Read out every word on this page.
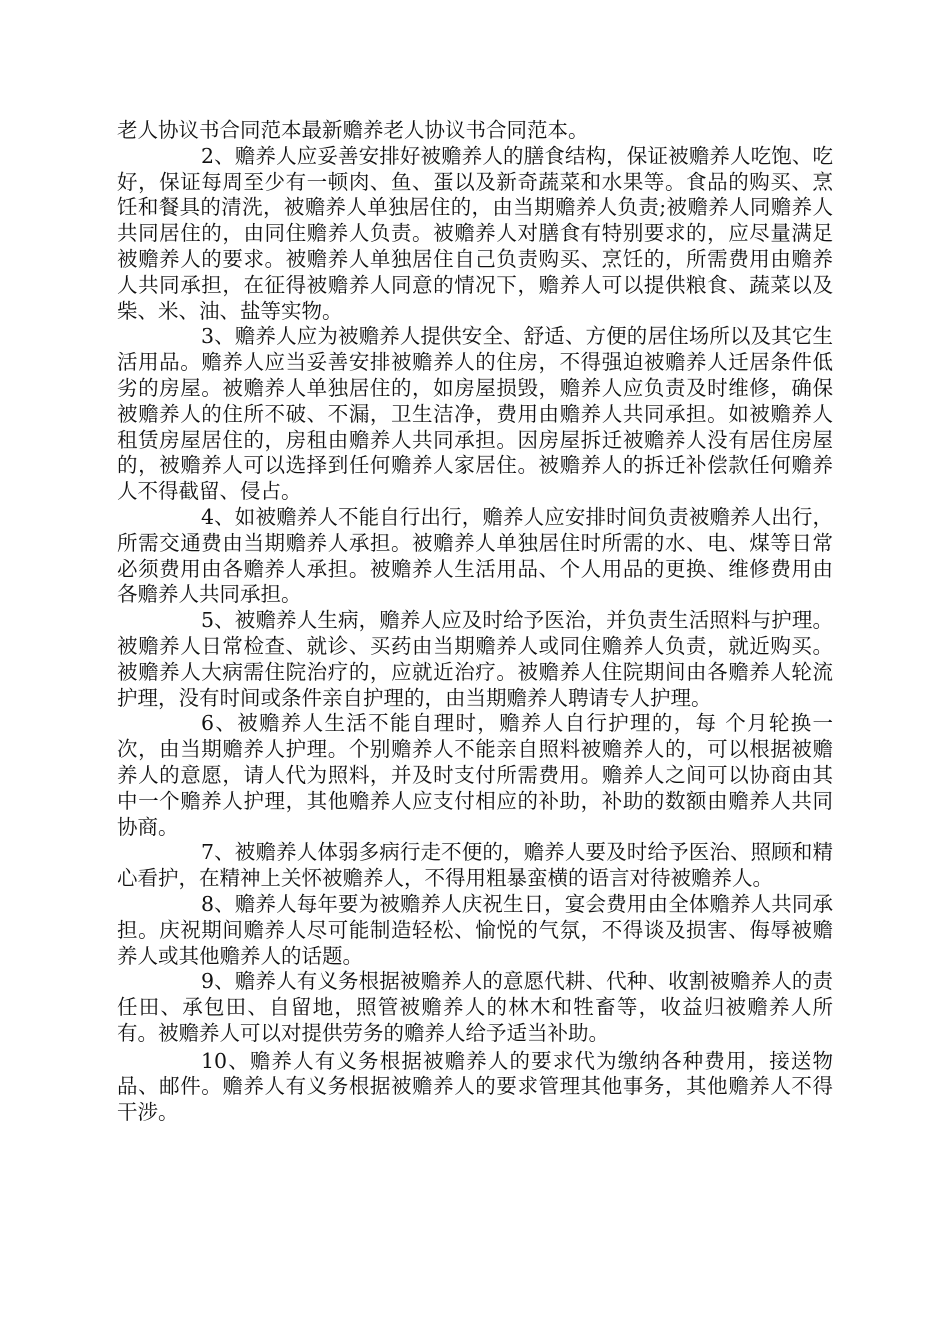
老人协议书合同范本最新赡养老人协议书合同范本。

2、赡养人应妥善安排好被赡养人的膳食结构，保证被赡养人吃饱、吃好，保证每周至少有一顿肉、鱼、蛋以及新奇蔬菜和水果等。食品的购买、烹饪和餐具的清洗，被赡养人单独居住的，由当期赡养人负责;被赡养人同赡养人共同居住的，由同住赡养人负责。被赡养人对膳食有特别要求的，应尽量满足被赡养人的要求。被赡养人单独居住自己负责购买、烹饪的，所需费用由赡养人共同承担，在征得被赡养人同意的情况下，赡养人可以提供粮食、蔬菜以及柴、米、油、盐等实物。

3、赡养人应为被赡养人提供安全、舒适、方便的居住场所以及其它生活用品。赡养人应当妥善安排被赡养人的住房，不得强迫被赡养人迁居条件低劣的房屋。被赡养人单独居住的，如房屋损毁，赡养人应负责及时维修，确保被赡养人的住所不破、不漏，卫生洁净，费用由赡养人共同承担。如被赡养人租赁房屋居住的，房租由赡养人共同承担。因房屋拆迁被赡养人没有居住房屋的，被赡养人可以选择到任何赡养人家居住。被赡养人的拆迁补偿款任何赡养人不得截留、侵占。

4、如被赡养人不能自行出行，赡养人应安排时间负责被赡养人出行，所需交通费由当期赡养人承担。被赡养人单独居住时所需的水、电、煤等日常必须费用由各赡养人承担。被赡养人生活用品、个人用品的更换、维修费用由各赡养人共同承担。

5、被赡养人生病，赡养人应及时给予医治，并负责生活照料与护理。被赡养人日常检查、就诊、买药由当期赡养人或同住赡养人负责，就近购买。被赡养人大病需住院治疗的，应就近治疗。被赡养人住院期间由各赡养人轮流护理，没有时间或条件亲自护理的，由当期赡养人聘请专人护理。

6、被赡养人生活不能自理时，赡养人自行护理的，每 个月轮换一次，由当期赡养人护理。个别赡养人不能亲自照料被赡养人的，可以根据被赡养人的意愿，请人代为照料，并及时支付所需费用。赡养人之间可以协商由其中一个赡养人护理，其他赡养人应支付相应的补助，补助的数额由赡养人共同协商。

7、被赡养人体弱多病行走不便的，赡养人要及时给予医治、照顾和精心看护，在精神上关怀被赡养人，不得用粗暴蛮横的语言对待被赡养人。

8、赡养人每年要为被赡养人庆祝生日，宴会费用由全体赡养人共同承担。庆祝期间赡养人尽可能制造轻松、愉悦的气氛，不得谈及损害、侮辱被赡养人或其他赡养人的话题。

9、赡养人有义务根据被赡养人的意愿代耕、代种、收割被赡养人的责任田、承包田、自留地，照管被赡养人的林木和牲畜等，收益归被赡养人所有。被赡养人可以对提供劳务的赡养人给予适当补助。

10、赡养人有义务根据被赡养人的要求代为缴纳各种费用，接送物品、邮件。赡养人有义务根据被赡养人的要求管理其他事务，其他赡养人不得干涉。
